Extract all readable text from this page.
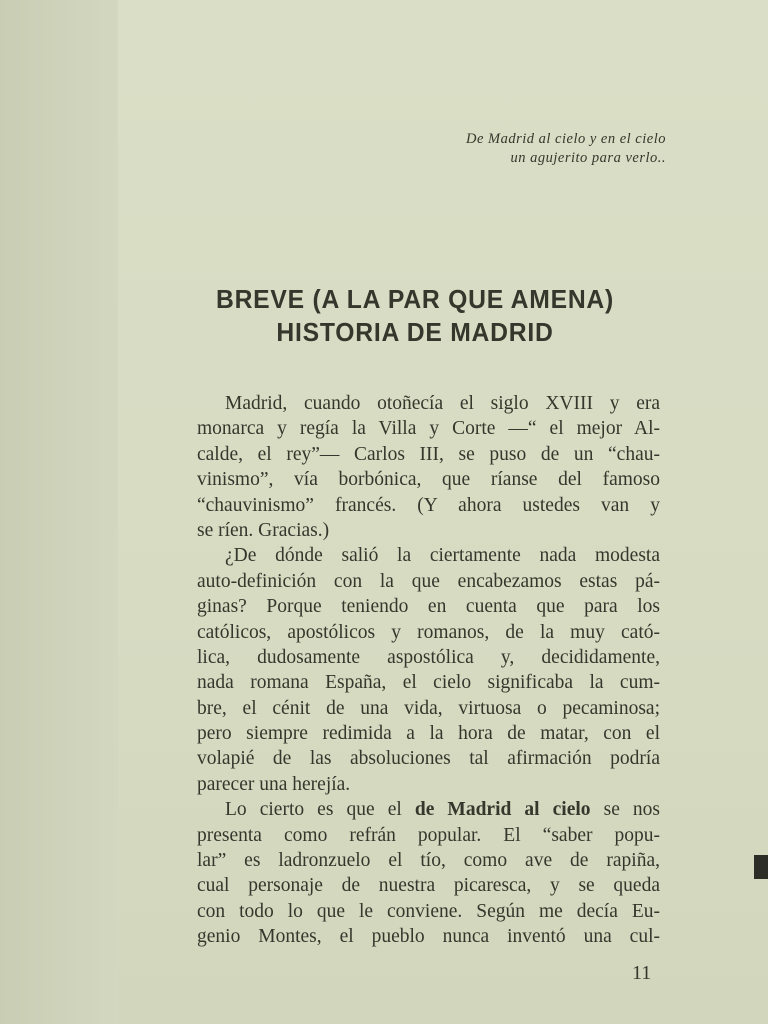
De Madrid al cielo y en el cielo
un agujerito para verlo..
BREVE (A LA PAR QUE AMENA)
HISTORIA DE MADRID
Madrid, cuando otoñecía el siglo XVIII y era
monarca y regía la Villa y Corte —“ el mejor Al-
calde, el rey”— Carlos III, se puso de un “chau-
vinismo”, vía borbónica, que ríanse del famoso
“chauvinismo” francés. (Y ahora ustedes van y
se ríen. Gracias.)
¿De dónde salió la ciertamente nada modesta
auto-definición con la que encabezamos estas pá-
ginas? Porque teniendo en cuenta que para los
católicos, apostólicos y romanos, de la muy cató-
lica, dudosamente aspostólica y, decididamente,
nada romana España, el cielo significaba la cum-
bre, el cénit de una vida, virtuosa o pecaminosa;
pero siempre redimida a la hora de matar, con el
volapié de las absoluciones tal afirmación podría
parecer una herejía.
Lo cierto es que el de Madrid al cielo se nos
presenta como refrán popular. El “saber popu-
lar” es ladronzuelo el tío, como ave de rapiña,
cual personaje de nuestra picaresca, y se queda
con todo lo que le conviene. Según me decía Eu-
genio Montes, el pueblo nunca inventó una cul-
11
